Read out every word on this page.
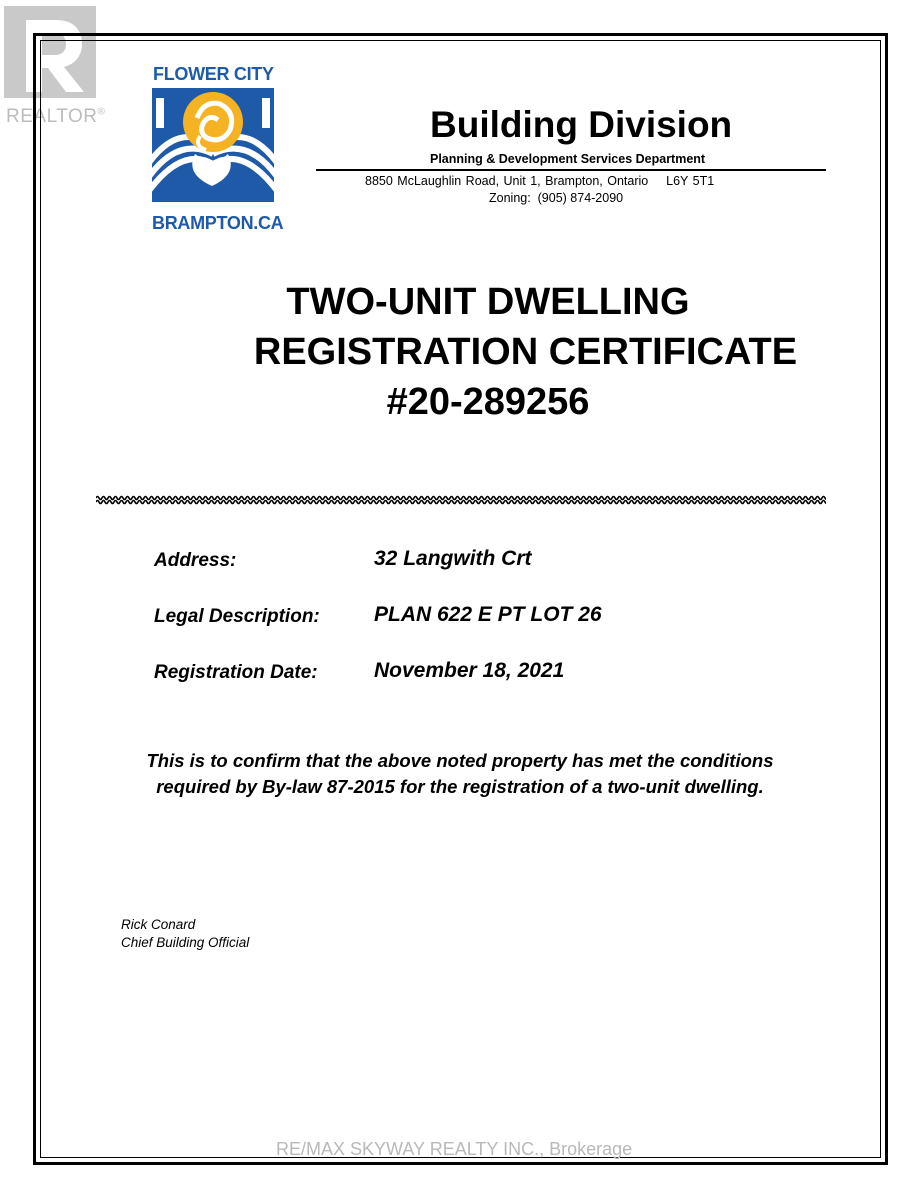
REALTOR®
FLOWER CITY
BRAMPTON.CA
Building Division
Planning & Development Services Department
8850 McLaughlin Road, Unit 1, Brampton, Ontario    L6Y 5T1
Zoning:  (905) 874-2090
TWO-UNIT DWELLING
REGISTRATION CERTIFICATE
#20-289256
Address:	32 Langwith Crt
Legal Description:	PLAN 622 E PT LOT 26
Registration Date:	November 18, 2021
This is to confirm that the above noted property has met the conditions
required by By-law 87-2015 for the registration of a two-unit dwelling.
Rick Conard
Chief Building Official
RE/MAX SKYWAY REALTY INC., Brokerage
